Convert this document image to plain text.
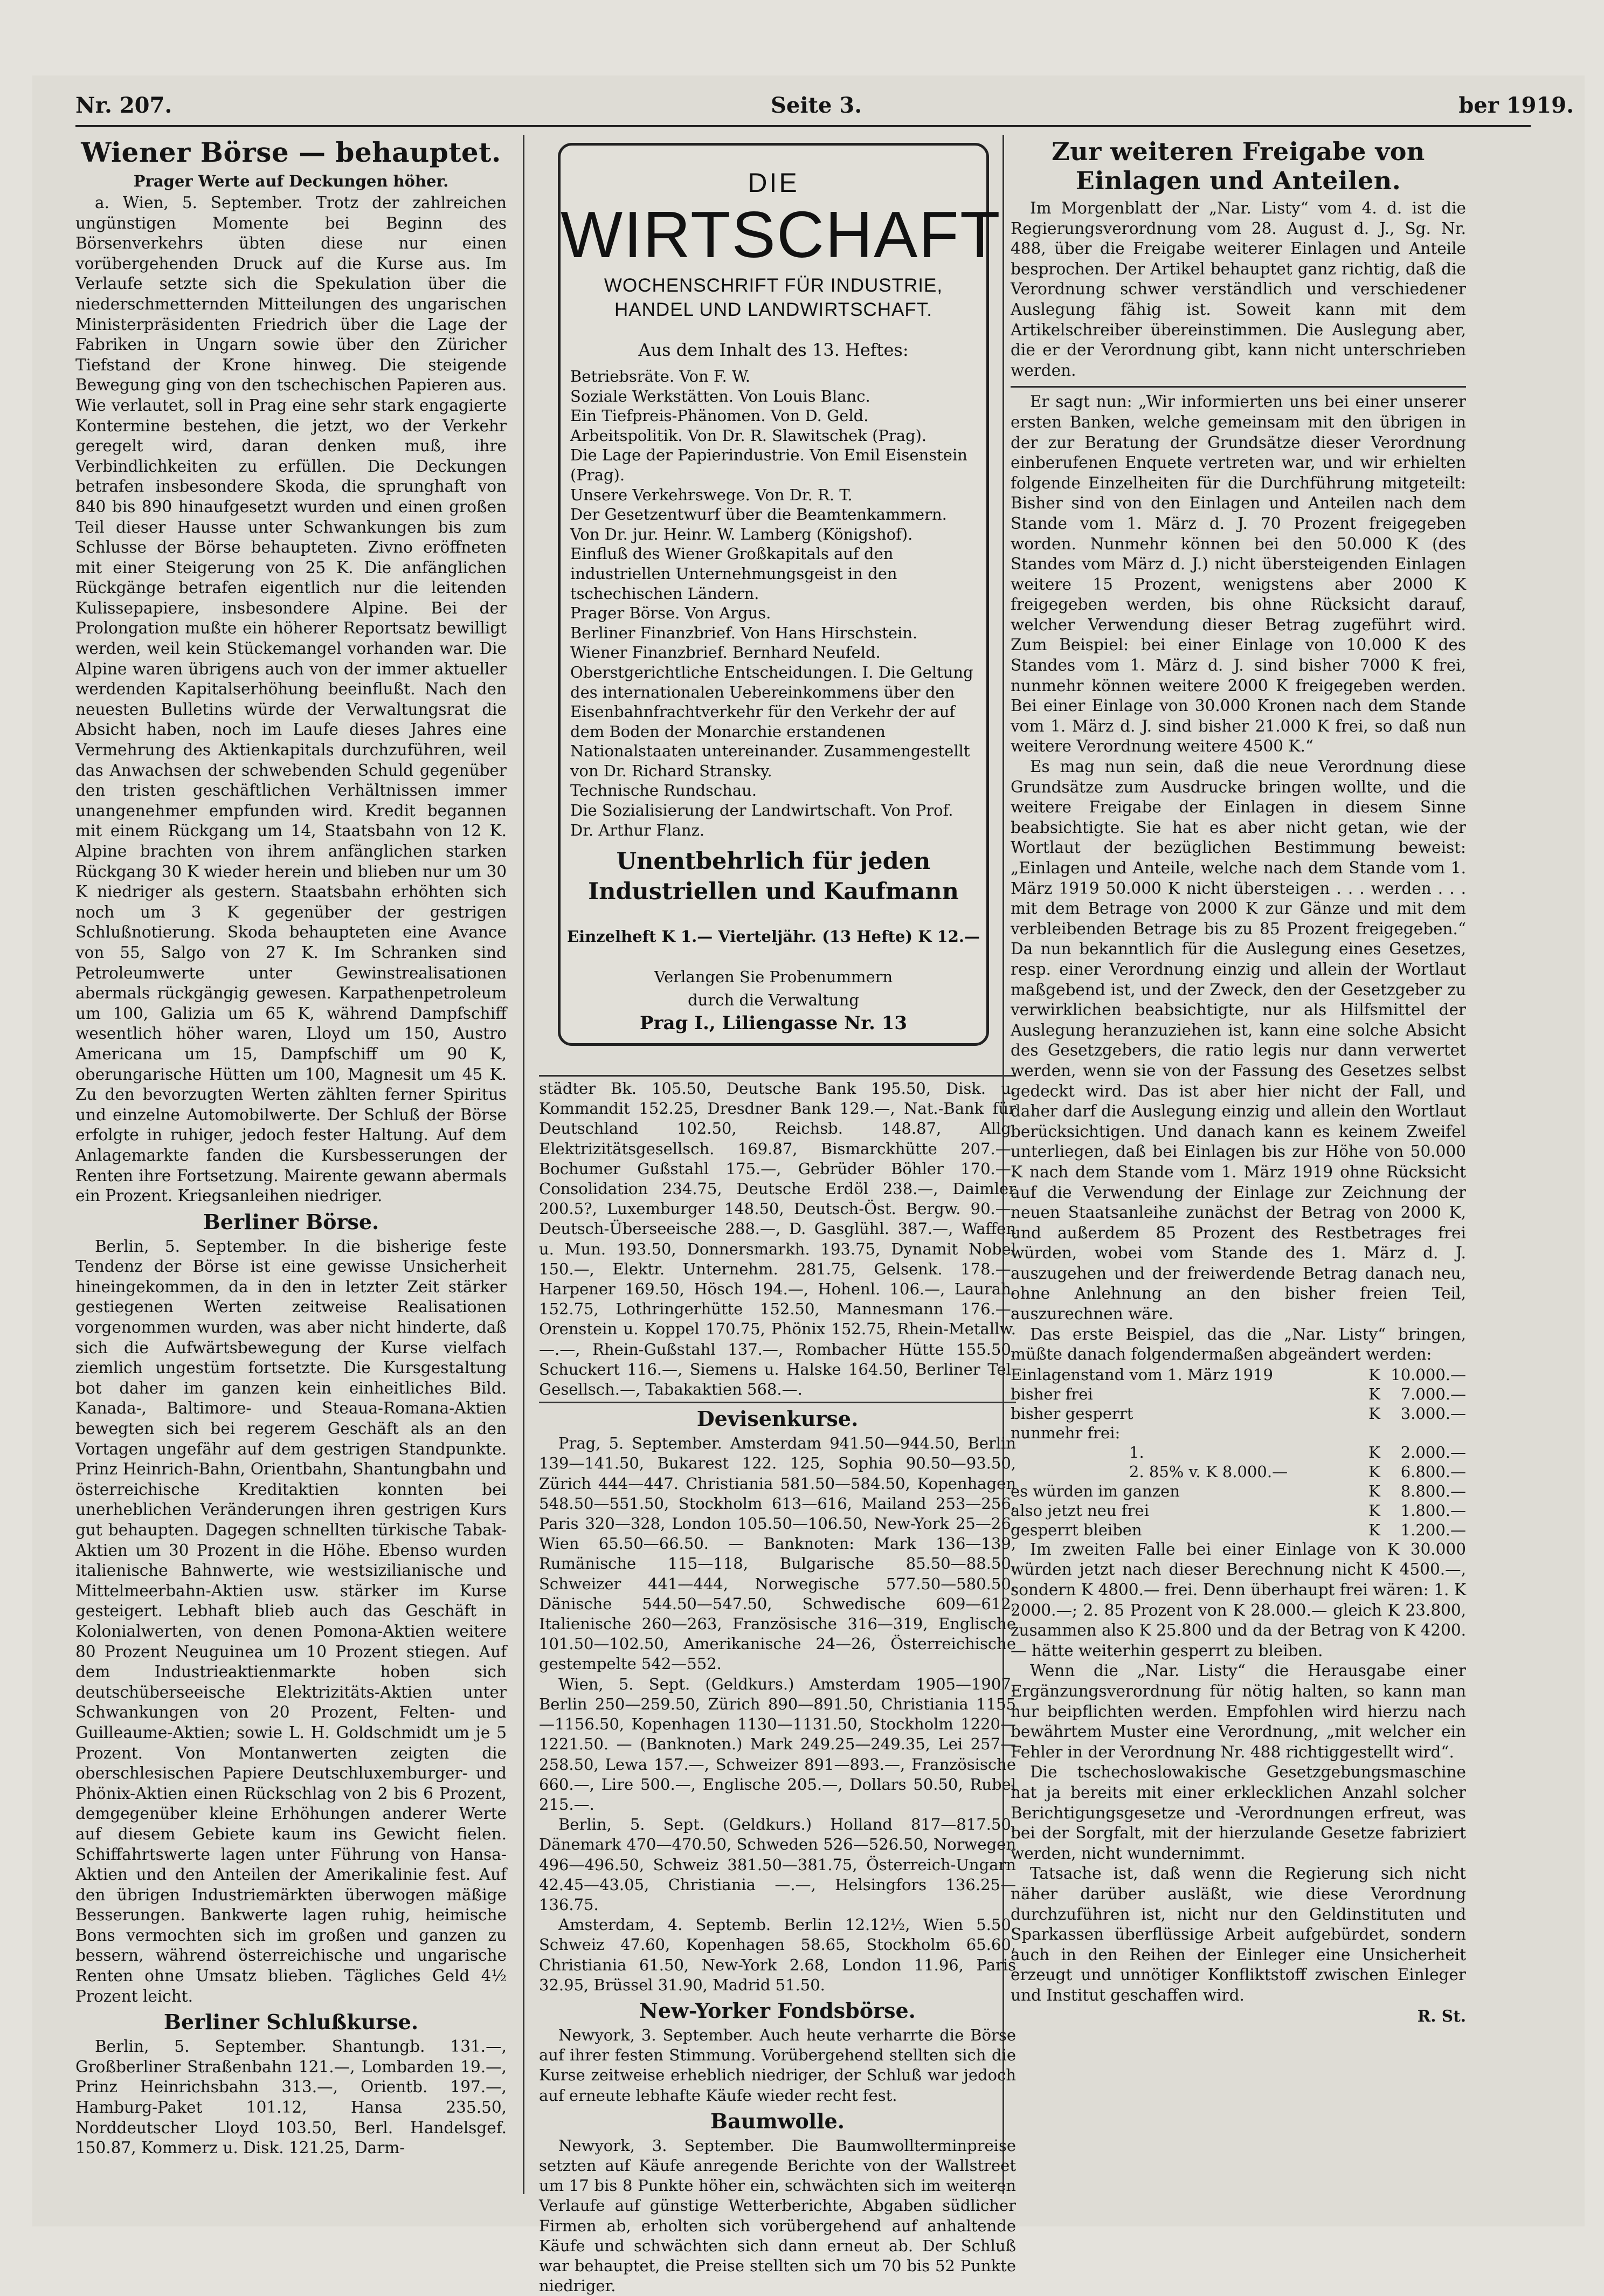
Nr. 207.	Seite 3.	ber 1919.
Wiener Börse — behauptet.
Prager Werte auf Deckungen höher.

a. Wien, 5. September. Trotz der zahlreichen ungünstigen Momente bei Beginn des Börsenverkehrs übten diese nur einen vorübergehenden Druck auf die Kurse aus. Im Verlaufe setzte sich die Spekulation über die niederschmetternden Mitteilungen des ungarischen Ministerpräsidenten Friedrich über die Lage der Fabriken in Ungarn sowie über den Züricher Tiefstand der Krone hinweg. Die steigende Bewegung ging von den tschechischen Papieren aus. Wie verlautet, soll in Prag eine sehr stark engagierte Kontermine bestehen, die jetzt, wo der Verkehr geregelt wird, daran denken muß, ihre Verbindlichkeiten zu erfüllen. Die Deckungen betrafen insbesondere Skoda, die sprunghaft von 840 bis 890 hinaufgesetzt wurden und einen großen Teil dieser Hausse unter Schwankungen bis zum Schlusse der Börse behaupteten. Zivno eröffneten mit einer Steigerung von 25 K. Die anfänglichen Rückgänge betrafen eigentlich nur die leitenden Kulissepapiere, insbesondere Alpine. Bei der Prolongation mußte ein höherer Reportsatz bewilligt werden, weil kein Stückemangel vorhanden war. Die Alpine waren übrigens auch von der immer aktueller werdenden Kapitalserhöhung beeinflußt. Nach den neuesten Bulletins würde der Verwaltungsrat die Absicht haben, noch im Laufe dieses Jahres eine Vermehrung des Aktienkapitals durchzuführen, weil das Anwachsen der schwebenden Schuld gegenüber den tristen geschäftlichen Verhältnissen immer unangenehmer empfunden wird. Kredit begannen mit einem Rückgang um 14, Staatsbahn von 12 K. Alpine brachten von ihrem anfänglichen starken Rückgang 30 K wieder herein und blieben nur um 30 K niedriger als gestern. Staatsbahn erhöhten sich noch um 3 K gegenüber der gestrigen Schlußnotierung. Skoda behaupteten eine Avance von 55, Salgo von 27 K. Im Schranken sind Petroleumwerte unter Gewinstrealisationen abermals rückgängig gewesen. Karpathenpetroleum um 100, Galizia um 65 K, während Dampfschiff wesentlich höher waren, Lloyd um 150, Austro Americana um 15, Dampfschiff um 90 K, oberungarische Hütten um 100, Magnesit um 45 K. Zu den bevorzugten Werten zählten ferner Spiritus und einzelne Automobilwerte. Der Schluß der Börse erfolgte in ruhiger, jedoch fester Haltung. Auf dem Anlagemarkte fanden die Kursbesserungen der Renten ihre Fortsetzung. Mairente gewann abermals ein Prozent. Kriegsanleihen niedriger.

Berliner Börse.

Berlin, 5. September. In die bisherige feste Tendenz der Börse ist eine gewisse Unsicherheit hineingekommen, da in den in letzter Zeit stärker gestiegenen Werten zeitweise Realisationen vorgenommen wurden, was aber nicht hinderte, daß sich die Aufwärtsbewegung der Kurse vielfach ziemlich ungestüm fortsetzte. Die Kursgestaltung bot daher im ganzen kein einheitliches Bild. Kanada-, Baltimore- und Steaua-Romana-Aktien bewegten sich bei regerem Geschäft als an den Vortagen ungefähr auf dem gestrigen Standpunkte. Prinz Heinrich-Bahn, Orientbahn, Shantungbahn und österreichische Kreditaktien konnten bei unerheblichen Veränderungen ihren gestrigen Kurs gut behaupten. Dagegen schnellten türkische Tabak-Aktien um 30 Prozent in die Höhe. Ebenso wurden italienische Bahnwerte, wie westsizilianische und Mittelmeerbahn-Aktien usw. stärker im Kurse gesteigert. Lebhaft blieb auch das Geschäft in Kolonialwerten, von denen Pomona-Aktien weitere 80 Prozent Neuguinea um 10 Prozent stiegen. Auf dem Industrieaktienmarkte hoben sich deutschüberseeische Elektrizitäts-Aktien unter Schwankungen von 20 Prozent, Felten- und Guilleaume-Aktien; sowie L. H. Goldschmidt um je 5 Prozent. Von Montanwerten zeigten die oberschlesischen Papiere Deutschluxemburger- und Phönix-Aktien einen Rückschlag von 2 bis 6 Prozent, demgegenüber kleine Erhöhungen anderer Werte auf diesem Gebiete kaum ins Gewicht fielen. Schiffahrtswerte lagen unter Führung von Hansa-Aktien und den Anteilen der Amerikalinie fest. Auf den übrigen Industriemärkten überwogen mäßige Besserungen. Bankwerte lagen ruhig, heimische Bons vermochten sich im großen und ganzen zu bessern, während österreichische und ungarische Renten ohne Umsatz blieben. Tägliches Geld 4½ Prozent leicht.

Berliner Schlußkurse.

Berlin, 5. September. Shantungb. 131.—, Großberliner Straßenbahn 121.—, Lombarden 19.—, Prinz Heinrichsbahn 313.—, Orientb. 197.—, Hamburg-Paket 101.12, Hansa 235.50, Norddeutscher Lloyd 103.50, Berl. Handelsgef. 150.87, Kommerz u. Disk. 121.25, Darm-

DIE
WIRTSCHAFT
WOCHENSCHRIFT FÜR INDUSTRIE,
HANDEL UND LANDWIRTSCHAFT.
Aus dem Inhalt des 13. Heftes:
Betriebsräte. Von F. W.
Soziale Werkstätten. Von Louis Blanc.
Ein Tiefpreis-Phänomen. Von D. Geld.
Arbeitspolitik. Von Dr. R. Slawitschek (Prag).
Die Lage der Papierindustrie. Von Emil Eisenstein (Prag).
Unsere Verkehrswege. Von Dr. R. T.
Der Gesetzentwurf über die Beamtenkammern. Von Dr. jur. Heinr. W. Lamberg (Königshof).
Einfluß des Wiener Großkapitals auf den industriellen Unternehmungsgeist in den tschechischen Ländern.
Prager Börse. Von Argus.
Berliner Finanzbrief. Von Hans Hirschstein.
Wiener Finanzbrief. Bernhard Neufeld.
Oberstgerichtliche Entscheidungen. I. Die Geltung des internationalen Uebereinkommens über den Eisenbahnfrachtverkehr für den Verkehr der auf dem Boden der Monarchie erstandenen Nationalstaaten untereinander. Zusammengestellt von Dr. Richard Stransky.
Technische Rundschau.
Die Sozialisierung der Landwirtschaft. Von Prof. Dr. Arthur Flanz.
Unentbehrlich für jeden Industriellen und Kaufmann
Einzelheft K 1.— Vierteljähr. (13 Hefte) K 12.—
Verlangen Sie Probenummern
durch die Verwaltung
Prag I., Liliengasse Nr. 13

städter Bk. 105.50, Deutsche Bank 195.50, Disk. u. Kommandit 152.25, Dresdner Bank 129.—, Nat.-Bank für Deutschland 102.50, Reichsb. 148.87, Allg. Elektrizitätsgesellsch. 169.87, Bismarckhütte 207.—, Bochumer Gußstahl 175.—, Gebrüder Böhler 170.—, Consolidation 234.75, Deutsche Erdöl 238.—, Daimler 200.5?, Luxemburger 148.50, Deutsch-Öst. Bergw. 90.—, Deutsch-Überseeische 288.—, D. Gasglühl. 387.—, Waffen u. Mun. 193.50, Donnersmarkh. 193.75, Dynamit Nobel 150.—, Elektr. Unternehm. 281.75, Gelsenk. 178.—, Harpener 169.50, Hösch 194.—, Hohenl. 106.—, Laurah. 152.75, Lothringerhütte 152.50, Mannesmann 176.—, Orenstein u. Koppel 170.75, Phönix 152.75, Rhein-Metallw. —.—, Rhein-Gußstahl 137.—, Rombacher Hütte 155.50, Schuckert 116.—, Siemens u. Halske 164.50, Berliner Tel. Gesellsch.—, Tabakaktien 568.—.

Devisenkurse.

Prag, 5. September. Amsterdam 941.50—944.50, Berlin 139—141.50, Bukarest 122. 125, Sophia 90.50—93.50, Zürich 444—447. Christiania 581.50—584.50, Kopenhagen 548.50—551.50, Stockholm 613—616, Mailand 253—256, Paris 320—328, London 105.50—106.50, New-York 25—26, Wien 65.50—66.50. — Banknoten: Mark 136—139, Rumänische 115—118, Bulgarische 85.50—88.50, Schweizer 441—444, Norwegische 577.50—580.50, Dänische 544.50—547.50, Schwedische 609—612, Italienische 260—263, Französische 316—319, Englische 101.50—102.50, Amerikanische 24—26, Österreichische gestempelte 542—552.

Wien, 5. Sept. (Geldkurs.) Amsterdam 1905—1907, Berlin 250—259.50, Zürich 890—891.50, Christiania 1155—1156.50, Kopenhagen 1130—1131.50, Stockholm 1220—1221.50. — (Banknoten.) Mark 249.25—249.35, Lei 257—258.50, Lewa 157.—, Schweizer 891—893.—, Französische 660.—, Lire 500.—, Englische 205.—, Dollars 50.50, Rubel 215.—.

Berlin, 5. Sept. (Geldkurs.) Holland 817—817.50, Dänemark 470—470.50, Schweden 526—526.50, Norwegen 496—496.50, Schweiz 381.50—381.75, Österreich-Ungarn 42.45—43.05, Christiania —.—, Helsingfors 136.25—136.75.

Amsterdam, 4. Septemb. Berlin 12.12½, Wien 5.50, Schweiz 47.60, Kopenhagen 58.65, Stockholm 65.60, Christiania 61.50, New-York 2.68, London 11.96, Paris 32.95, Brüssel 31.90, Madrid 51.50.

New-Yorker Fondsbörse.

Newyork, 3. September. Auch heute verharrte die Börse auf ihrer festen Stimmung. Vorübergehend stellten sich die Kurse zeitweise erheblich niedriger, der Schluß war jedoch auf erneute lebhafte Käufe wieder recht fest.

Baumwolle.

Newyork, 3. September. Die Baumwollterminpreise setzten auf Käufe anregende Berichte von der Wallstreet um 17 bis 8 Punkte höher ein, schwächten sich im weiteren Verlaufe auf günstige Wetterberichte, Abgaben südlicher Firmen ab, erholten sich vorübergehend auf anhaltende Käufe und schwächten sich dann erneut ab. Der Schluß war behauptet, die Preise stellten sich um 70 bis 52 Punkte niedriger.

Zur weiteren Freigabe von Einlagen und Anteilen.

Im Morgenblatt der „Nar. Listy“ vom 4. d. ist die Regierungsverordnung vom 28. August d. J., Sg. Nr. 488, über die Freigabe weiterer Einlagen und Anteile besprochen. Der Artikel behauptet ganz richtig, daß die Verordnung schwer verständlich und verschiedener Auslegung fähig ist. Soweit kann mit dem Artikelschreiber übereinstimmen. Die Auslegung aber, die er der Verordnung gibt, kann nicht unterschrieben werden.

Er sagt nun: „Wir informierten uns bei einer unserer ersten Banken, welche gemeinsam mit den übrigen in der zur Beratung der Grundsätze dieser Verordnung einberufenen Enquete vertreten war, und wir erhielten folgende Einzelheiten für die Durchführung mitgeteilt: Bisher sind von den Einlagen und Anteilen nach dem Stande vom 1. März d. J. 70 Prozent freigegeben worden. Nunmehr können bei den 50.000 K (des Standes vom März d. J.) nicht übersteigenden Einlagen weitere 15 Prozent, wenigstens aber 2000 K freigegeben werden, bis ohne Rücksicht darauf, welcher Verwendung dieser Betrag zugeführt wird. Zum Beispiel: bei einer Einlage von 10.000 K des Standes vom 1. März d. J. sind bisher 7000 K frei, nunmehr können weitere 2000 K freigegeben werden. Bei einer Einlage von 30.000 Kronen nach dem Stande vom 1. März d. J. sind bisher 21.000 K frei, so daß nun weitere Verordnung weitere 4500 K.“

Es mag nun sein, daß die neue Verordnung diese Grundsätze zum Ausdrucke bringen wollte, und die weitere Freigabe der Einlagen in diesem Sinne beabsichtigte. Sie hat es aber nicht getan, wie der Wortlaut der bezüglichen Bestimmung beweist: „Einlagen und Anteile, welche nach dem Stande vom 1. März 1919 50.000 K nicht übersteigen . . . werden . . . mit dem Betrage von 2000 K zur Gänze und mit dem verbleibenden Betrage bis zu 85 Prozent freigegeben.“ Da nun bekanntlich für die Auslegung eines Gesetzes, resp. einer Verordnung einzig und allein der Wortlaut maßgebend ist, und der Zweck, den der Gesetzgeber zu verwirklichen beabsichtigte, nur als Hilfsmittel der Auslegung heranzuziehen ist, kann eine solche Absicht des Gesetzgebers, die ratio legis nur dann verwertet werden, wenn sie von der Fassung des Gesetzes selbst gedeckt wird. Das ist aber hier nicht der Fall, und daher darf die Auslegung einzig und allein den Wortlaut berücksichtigen. Und danach kann es keinem Zweifel unterliegen, daß bei Einlagen bis zur Höhe von 50.000 K nach dem Stande vom 1. März 1919 ohne Rücksicht auf die Verwendung der Einlage zur Zeichnung der neuen Staatsanleihe zunächst der Betrag von 2000 K, und außerdem 85 Prozent des Restbetrages frei würden, wobei vom Stande des 1. März d. J. auszugehen und der freiwerdende Betrag danach neu, ohne Anlehnung an den bisher freien Teil, auszurechnen wäre.

Das erste Beispiel, das die „Nar. Listy“ bringen, müßte danach folgendermaßen abgeändert werden:

Einlagenstand vom 1. März 1919	K	10.000.—
bisher frei	K	7.000.—
bisher gesperrt	K	3.000.—
nunmehr frei:		
1.	K	2.000.—
2. 85% v. K 8.000.—	K	6.800.—
es würden im ganzen	K	8.800.—
also jetzt neu frei	K	1.800.—
gesperrt bleiben	K	1.200.—

Im zweiten Falle bei einer Einlage von K 30.000 würden jetzt nach dieser Berechnung nicht K 4500.—, sondern K 4800.— frei. Denn überhaupt frei wären: 1. K 2000.—; 2. 85 Prozent von K 28.000.— gleich K 23.800, zusammen also K 25.800 und da der Betrag von K 4200.— hätte weiterhin gesperrt zu bleiben.

Wenn die „Nar. Listy“ die Herausgabe einer Ergänzungsverordnung für nötig halten, so kann man nur beipflichten werden. Empfohlen wird hierzu nach bewährtem Muster eine Verordnung, „mit welcher ein Fehler in der Verordnung Nr. 488 richtiggestellt wird“.

Die tschechoslowakische Gesetzgebungsmaschine hat ja bereits mit einer erklecklichen Anzahl solcher Berichtigungsgesetze und -Verordnungen erfreut, was bei der Sorgfalt, mit der hierzulande Gesetze fabriziert werden, nicht wundernimmt.

Tatsache ist, daß wenn die Regierung sich nicht näher darüber ausläßt, wie diese Verordnung durchzuführen ist, nicht nur den Geldinstituten und Sparkassen überflüssige Arbeit aufgebürdet, sondern auch in den Reihen der Einleger eine Unsicherheit erzeugt und unnötiger Konfliktstoff zwischen Einleger und Institut geschaffen wird.

R. St.
